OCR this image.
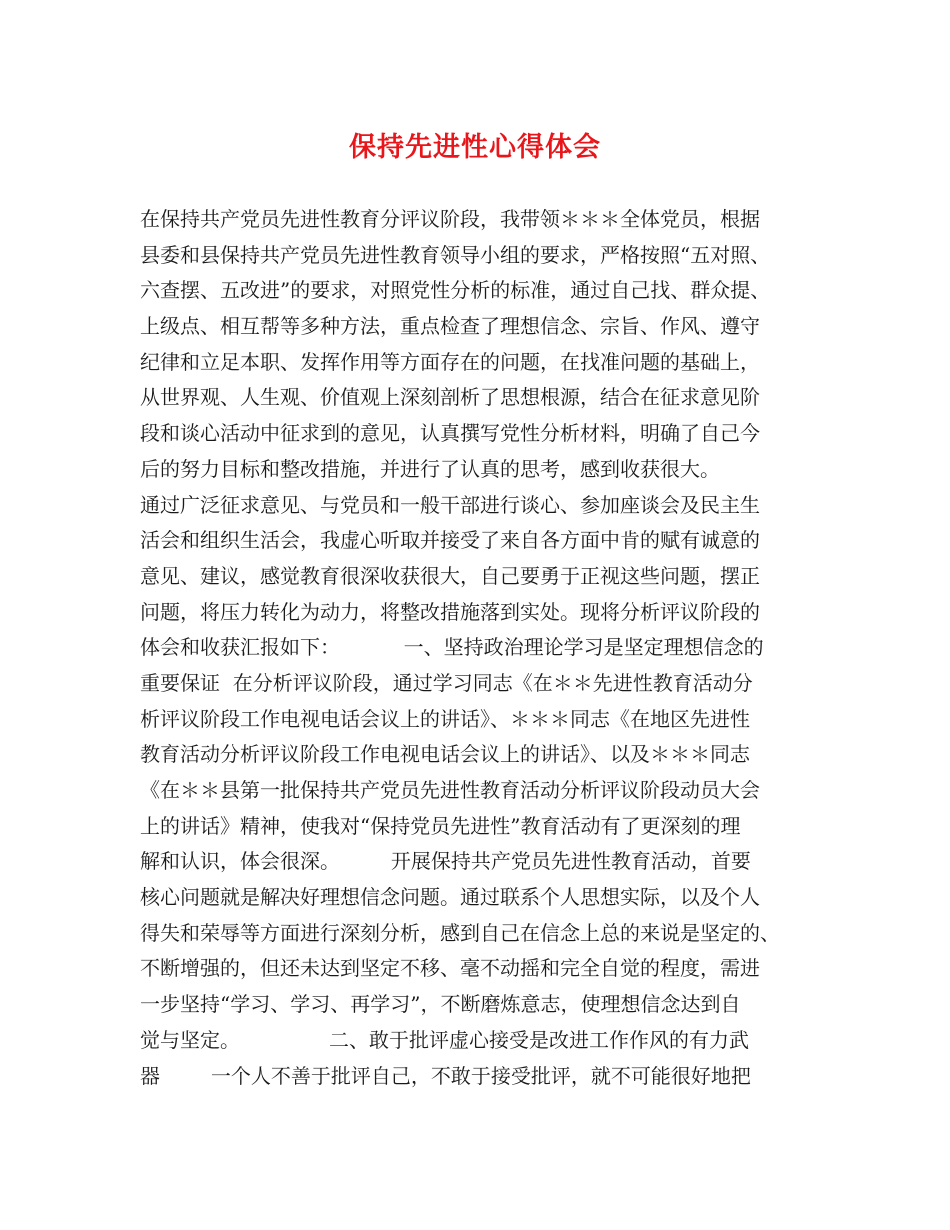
保持先进性心得体会
在保持共产党员先进性教育分评议阶段，我带领＊＊＊全体党员，根据
县委和县保持共产党员先进性教育领导小组的要求，严格按照“五对照、
六查摆、五改进”的要求，对照党性分析的标准，通过自己找、群众提、
上级点、相互帮等多种方法，重点检查了理想信念、宗旨、作风、遵守
纪律和立足本职、发挥作用等方面存在的问题，在找准问题的基础上，
从世界观、人生观、价值观上深刻剖析了思想根源，结合在征求意见阶
段和谈心活动中征求到的意见，认真撰写党性分析材料，明确了自己今
后的努力目标和整改措施，并进行了认真的思考，感到收获很大。
通过广泛征求意见、与党员和一般干部进行谈心、参加座谈会及民主生
活会和组织生活会，我虚心听取并接受了来自各方面中肯的赋有诚意的
意见、建议，感觉教育很深收获很大，自己要勇于正视这些问题，摆正
问题，将压力转化为动力，将整改措施落到实处。现将分析评议阶段的
体会和收获汇报如下：          一、坚持政治理论学习是坚定理想信念的
重要保证  在分析评议阶段，通过学习同志《在＊＊先进性教育活动分
析评议阶段工作电视电话会议上的讲话》、＊＊＊同志《在地区先进性
教育活动分析评议阶段工作电视电话会议上的讲话》、以及＊＊＊同志
《在＊＊县第一批保持共产党员先进性教育活动分析评议阶段动员大会
上的讲话》精神，使我对“保持党员先进性”教育活动有了更深刻的理
解和认识，体会很深。        开展保持共产党员先进性教育活动，首要
核心问题就是解决好理想信念问题。通过联系个人思想实际，以及个人
得失和荣辱等方面进行深刻分析，感到自己在信念上总的来说是坚定的、
不断增强的，但还未达到坚定不移、毫不动摇和完全自觉的程度，需进
一步坚持“学习、学习、再学习”，不断磨炼意志，使理想信念达到自
觉与坚定。              二、敢于批评虚心接受是改进工作作风的有力武
器        一个人不善于批评自己，不敢于接受批评，就不可能很好地把
